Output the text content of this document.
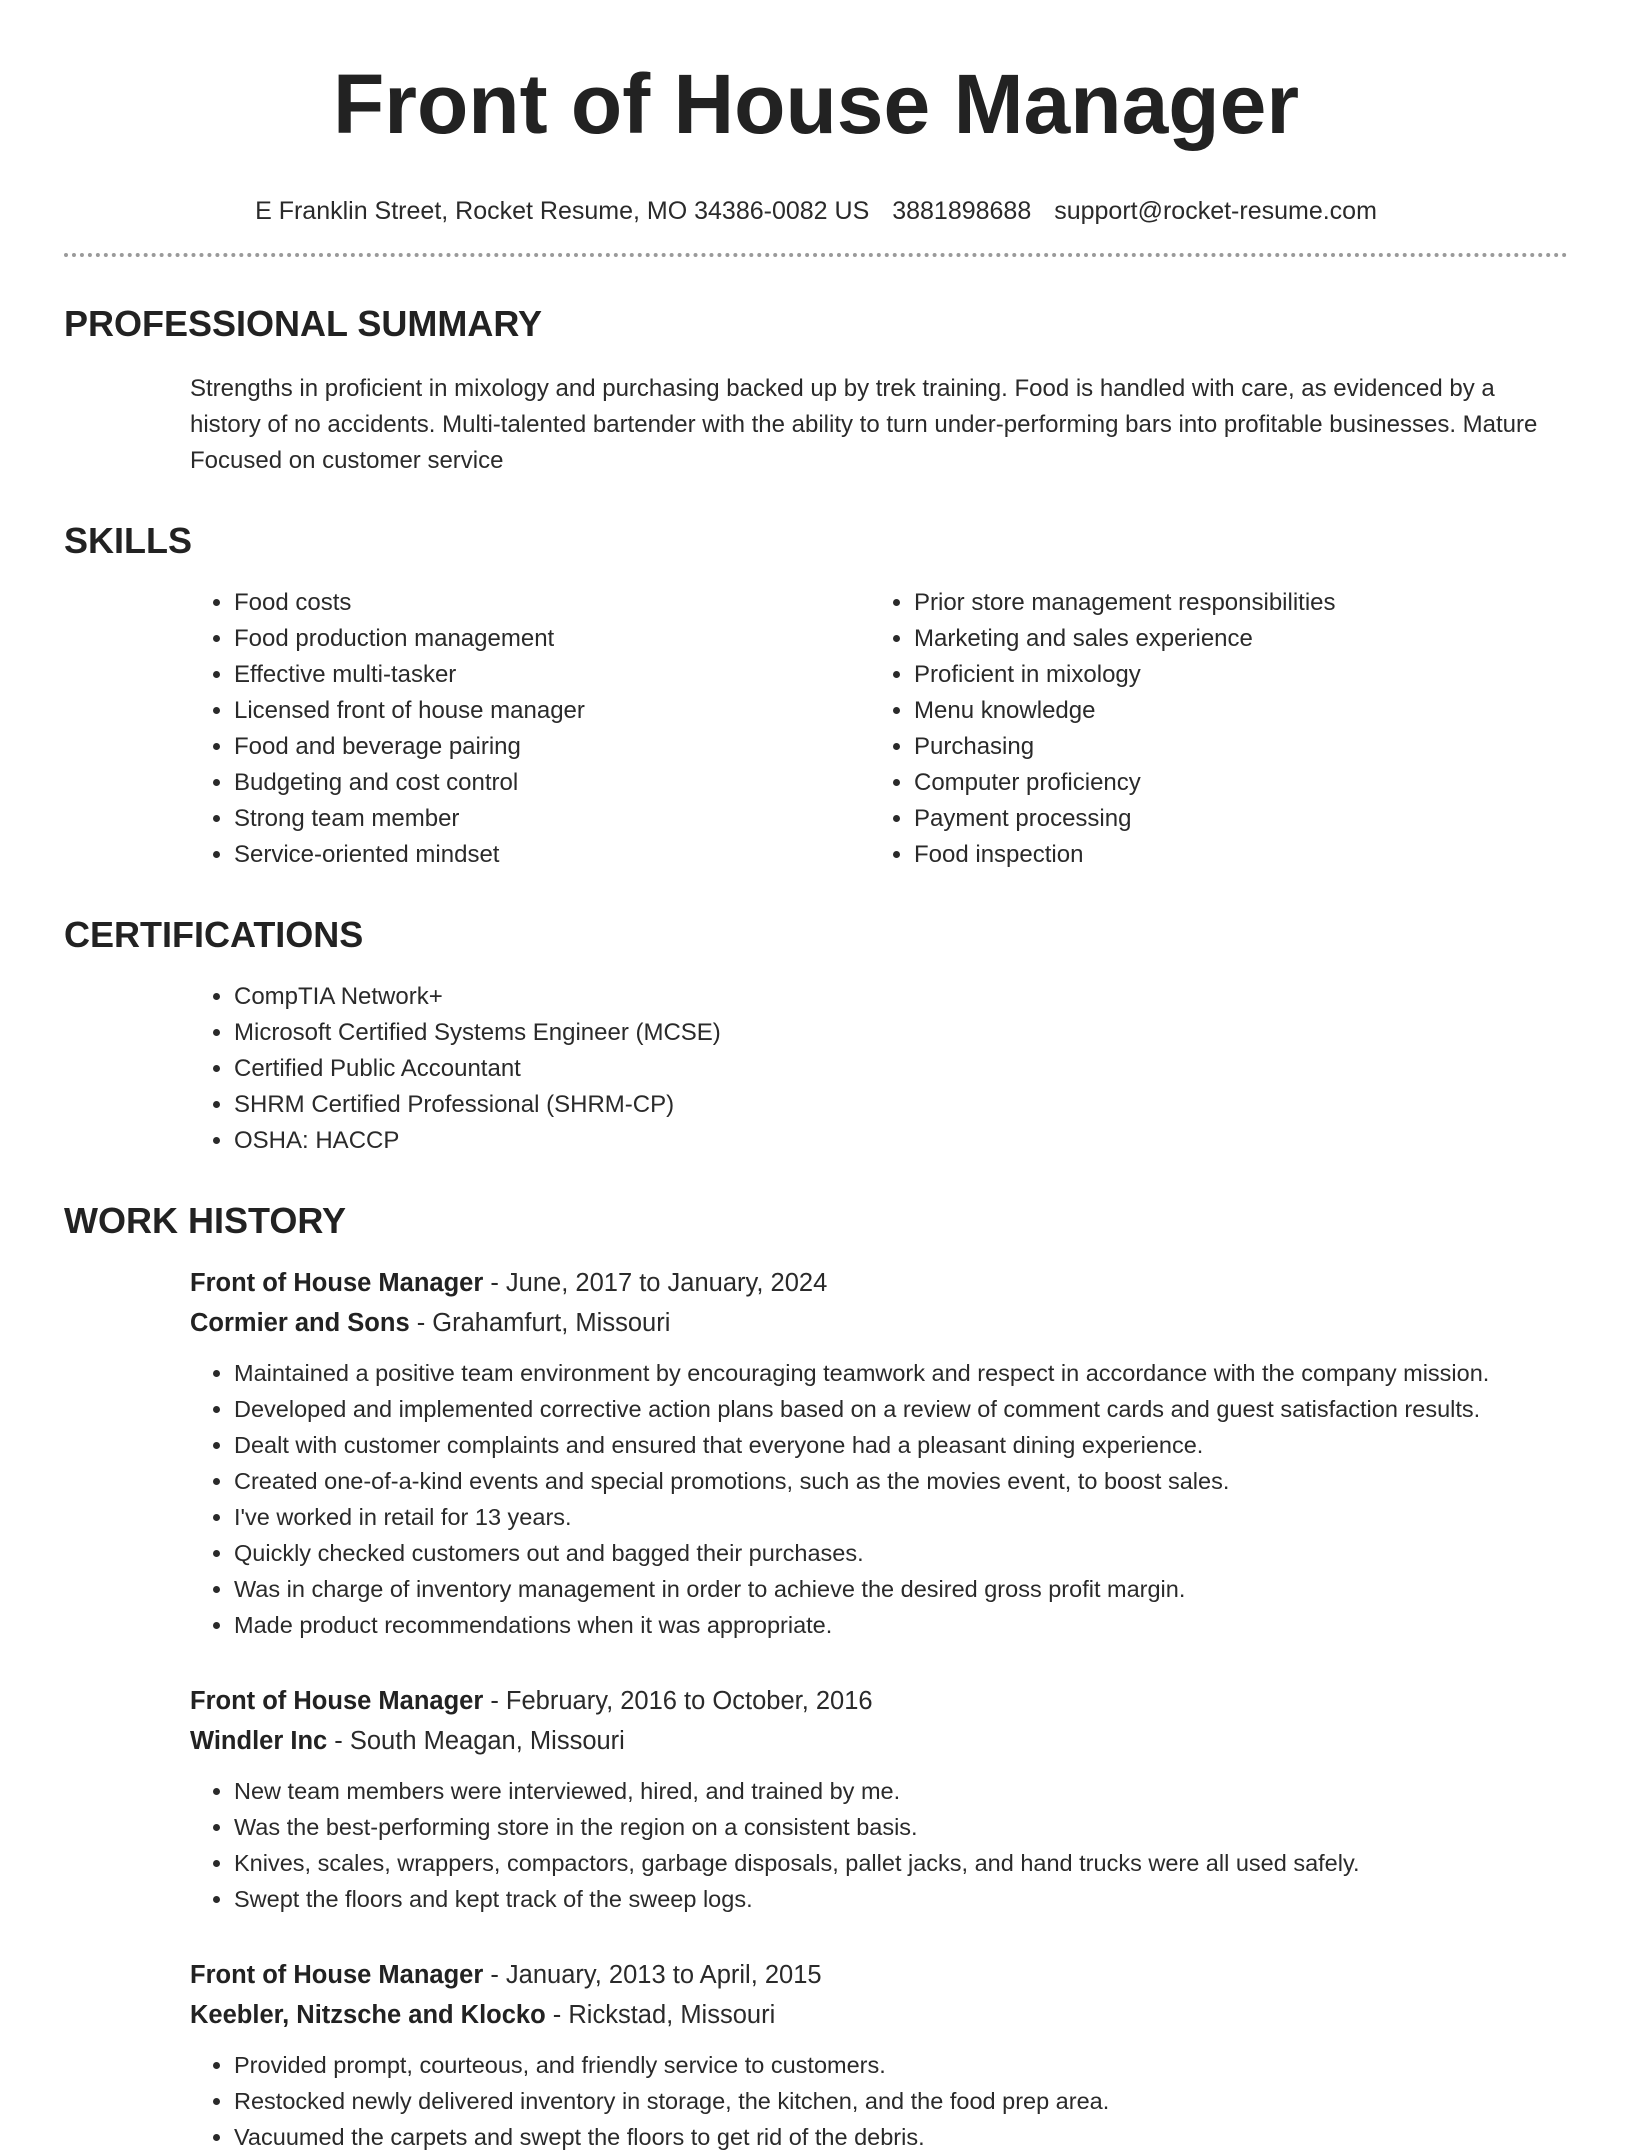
Front of House Manager
E Franklin Street, Rocket Resume, MO 34386-0082 US 3881898688 support@rocket-resume.com
PROFESSIONAL SUMMARY
Strengths in proficient in mixology and purchasing backed up by trek training. Food is handled with care, as evidenced by a history of no accidents. Multi-talented bartender with the ability to turn under-performing bars into profitable businesses. Mature Focused on customer service
SKILLS
• Food costs
• Food production management
• Effective multi-tasker
• Licensed front of house manager
• Food and beverage pairing
• Budgeting and cost control
• Strong team member
• Service-oriented mindset
• Prior store management responsibilities
• Marketing and sales experience
• Proficient in mixology
• Menu knowledge
• Purchasing
• Computer proficiency
• Payment processing
• Food inspection
CERTIFICATIONS
• CompTIA Network+
• Microsoft Certified Systems Engineer (MCSE)
• Certified Public Accountant
• SHRM Certified Professional (SHRM-CP)
• OSHA: HACCP
WORK HISTORY
Front of House Manager - June, 2017 to January, 2024
Cormier and Sons - Grahamfurt, Missouri
• Maintained a positive team environment by encouraging teamwork and respect in accordance with the company mission.
• Developed and implemented corrective action plans based on a review of comment cards and guest satisfaction results.
• Dealt with customer complaints and ensured that everyone had a pleasant dining experience.
• Created one-of-a-kind events and special promotions, such as the movies event, to boost sales.
• I've worked in retail for 13 years.
• Quickly checked customers out and bagged their purchases.
• Was in charge of inventory management in order to achieve the desired gross profit margin.
• Made product recommendations when it was appropriate.
Front of House Manager - February, 2016 to October, 2016
Windler Inc - South Meagan, Missouri
• New team members were interviewed, hired, and trained by me.
• Was the best-performing store in the region on a consistent basis.
• Knives, scales, wrappers, compactors, garbage disposals, pallet jacks, and hand trucks were all used safely.
• Swept the floors and kept track of the sweep logs.
Front of House Manager - January, 2013 to April, 2015
Keebler, Nitzsche and Klocko - Rickstad, Missouri
• Provided prompt, courteous, and friendly service to customers.
• Restocked newly delivered inventory in storage, the kitchen, and the food prep area.
• Vacuumed the carpets and swept the floors to get rid of the debris.
